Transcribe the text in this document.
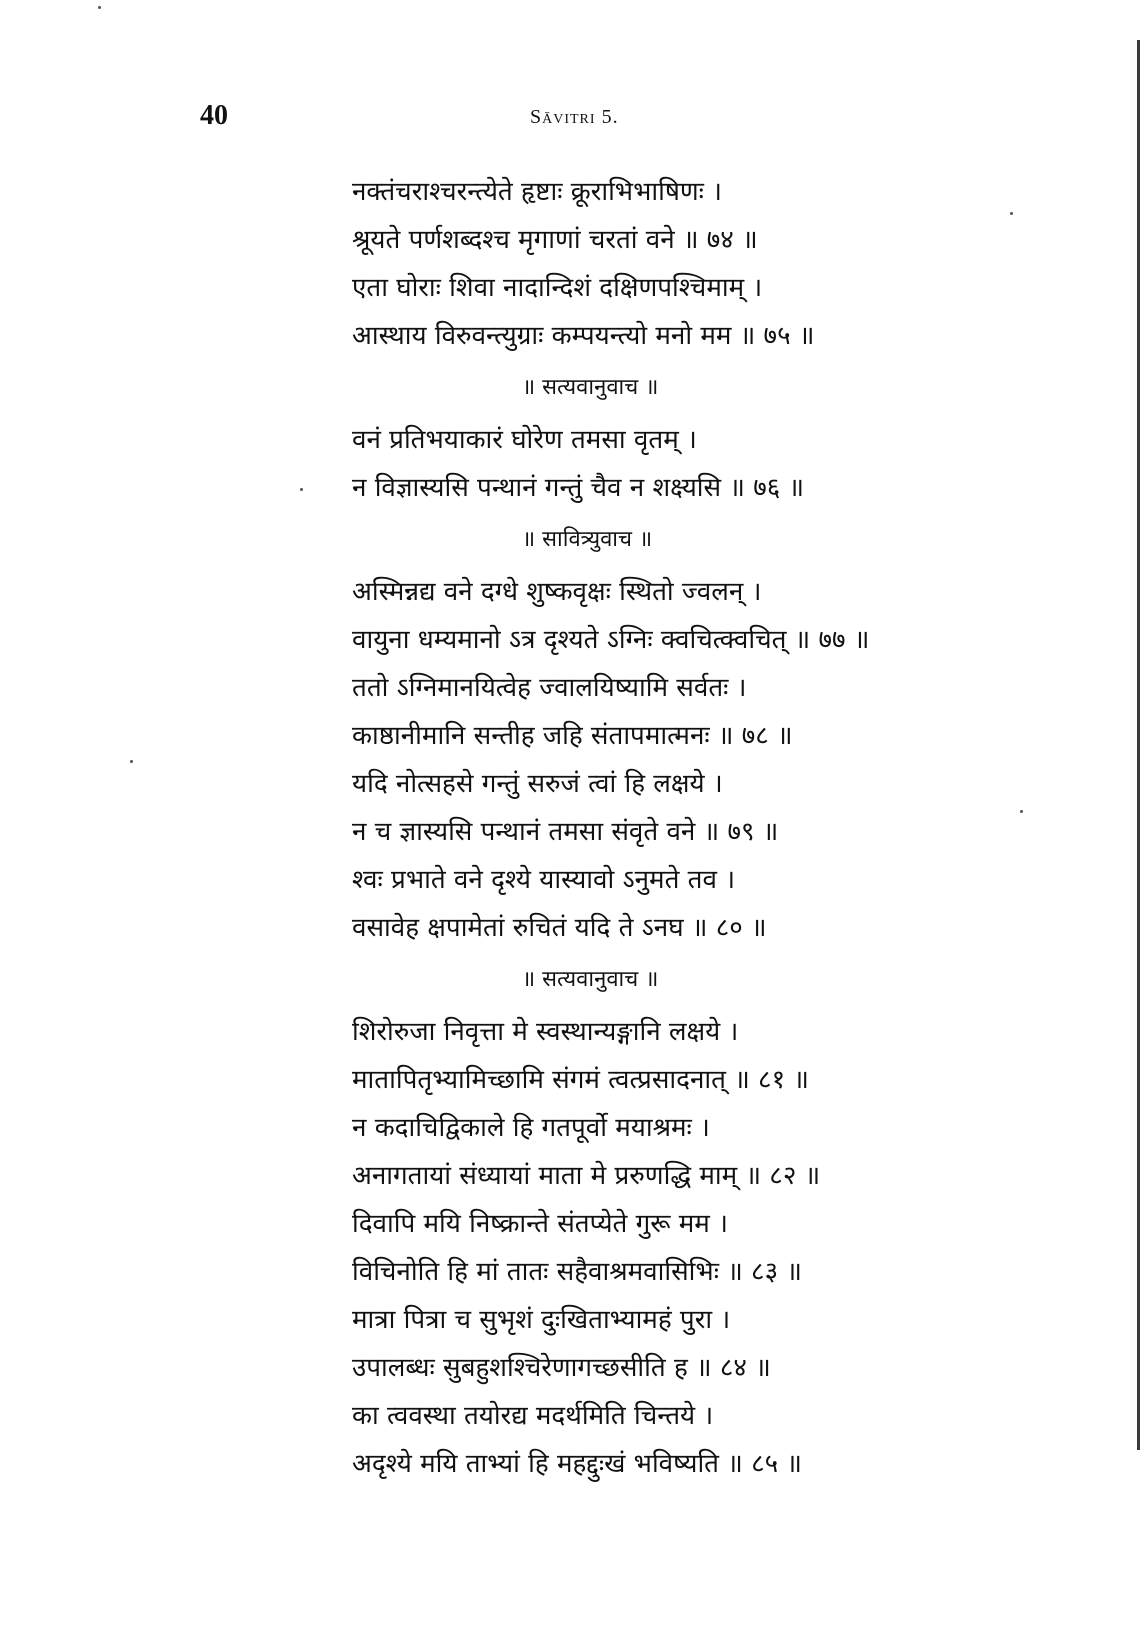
40	Sāvitri 5.
नक्तंचराश्चरन्त्येते हृष्टाः क्रूराभिभाषिणः ।
श्रूयते पर्णशब्दश्च मृगाणां चरतां वने ॥ ७४ ॥
एता घोराः शिवा नादान्दिशं दक्षिणपश्चिमाम् ।
आस्थाय विरुवन्त्युग्राः कम्पयन्त्यो मनो मम ॥ ७५ ॥
॥ सत्यवानुवाच ॥
वनं प्रतिभयाकारं घोरेण तमसा वृतम् ।
न विज्ञास्यसि पन्थानं गन्तुं चैव न शक्ष्यसि ॥ ७६ ॥
॥ सावित्र्युवाच ॥
अस्मिन्नद्य वने दग्धे शुष्कवृक्षः स्थितो ज्वलन् ।
वायुना धम्यमानो ऽत्र दृश्यते ऽग्निः क्वचित्क्वचित् ॥ ७७ ॥
ततो ऽग्निमानयित्वेह ज्वालयिष्यामि सर्वतः ।
काष्ठानीमानि सन्तीह जहि संतापमात्मनः ॥ ७८ ॥
यदि नोत्सहसे गन्तुं सरुजं त्वां हि लक्षये ।
न च ज्ञास्यसि पन्थानं तमसा संवृते वने ॥ ७९ ॥
श्वः प्रभाते वने दृश्ये यास्यावो ऽनुमते तव ।
वसावेह क्षपामेतां रुचितं यदि ते ऽनघ ॥ ८० ॥
॥ सत्यवानुवाच ॥
शिरोरुजा निवृत्ता मे स्वस्थान्यङ्गानि लक्षये ।
मातापितृभ्यामिच्छामि संगमं त्वत्प्रसादनात् ॥ ८१ ॥
न कदाचिद्विकाले हि गतपूर्वो मयाश्रमः ।
अनागतायां संध्यायां माता मे प्ररुणद्धि माम् ॥ ८२ ॥
दिवापि मयि निष्क्रान्ते संतप्येते गुरू मम ।
विचिनोति हि मां तातः सहैवाश्रमवासिभिः ॥ ८३ ॥
मात्रा पित्रा च सुभृशं दुःखिताभ्यामहं पुरा ।
उपालब्धः सुबहुशश्चिरेणागच्छसीति ह ॥ ८४ ॥
का त्ववस्था तयोरद्य मदर्थमिति चिन्तये ।
अदृश्ये मयि ताभ्यां हि महद्दुःखं भविष्यति ॥ ८५ ॥
